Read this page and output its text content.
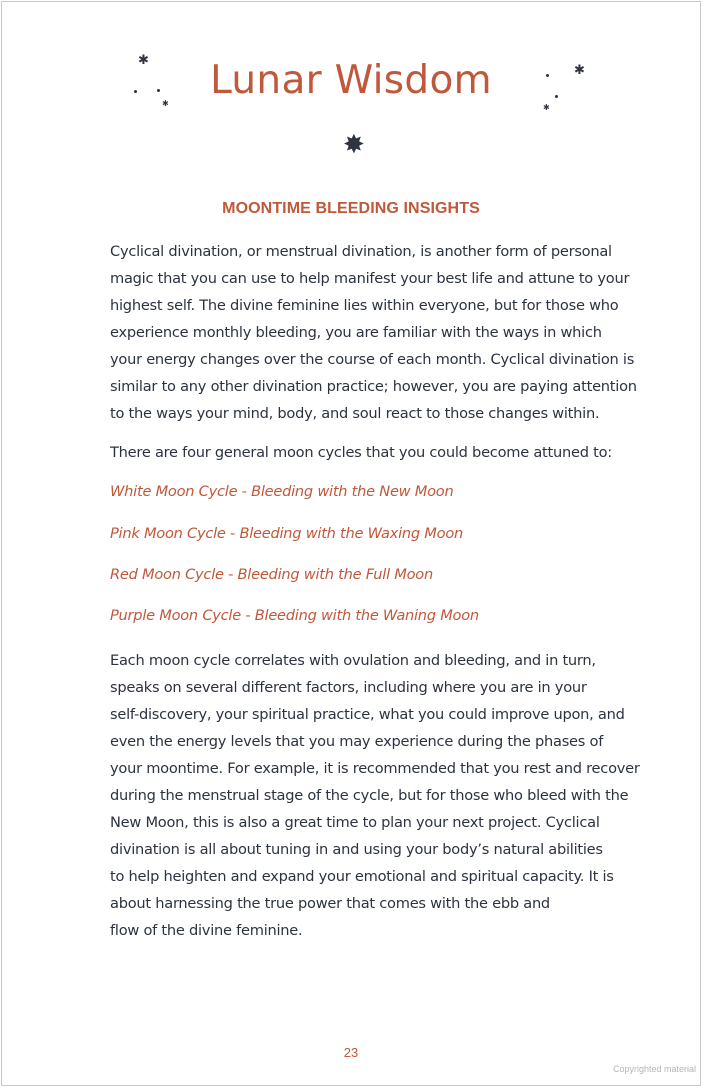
✱
✱
✱
✱
Lunar Wisdom
✸
MOONTIME BLEEDING INSIGHTS

Cyclical divination, or menstrual divination, is another form of personal
magic that you can use to help manifest your best life and attune to your
highest self. The divine feminine lies within everyone, but for those who
experience monthly bleeding, you are familiar with the ways in which
your energy changes over the course of each month. Cyclical divination is
similar to any other divination practice; however, you are paying attention
to the ways your mind, body, and soul react to those changes within.

There are four general moon cycles that you could become attuned to:

White Moon Cycle - Bleeding with the New Moon

Pink Moon Cycle - Bleeding with the Waxing Moon

Red Moon Cycle - Bleeding with the Full Moon

Purple Moon Cycle - Bleeding with the Waning Moon

Each moon cycle correlates with ovulation and bleeding, and in turn,
speaks on several different factors, including where you are in your
self-discovery, your spiritual practice, what you could improve upon, and
even the energy levels that you may experience during the phases of
your moontime. For example, it is recommended that you rest and recover
during the menstrual stage of the cycle, but for those who bleed with the
New Moon, this is also a great time to plan your next project. Cyclical
divination is all about tuning in and using your body’s natural abilities
to help heighten and expand your emotional and spiritual capacity. It is
about harnessing the true power that comes with the ebb and
flow of the divine feminine.

23

Copyrighted material
